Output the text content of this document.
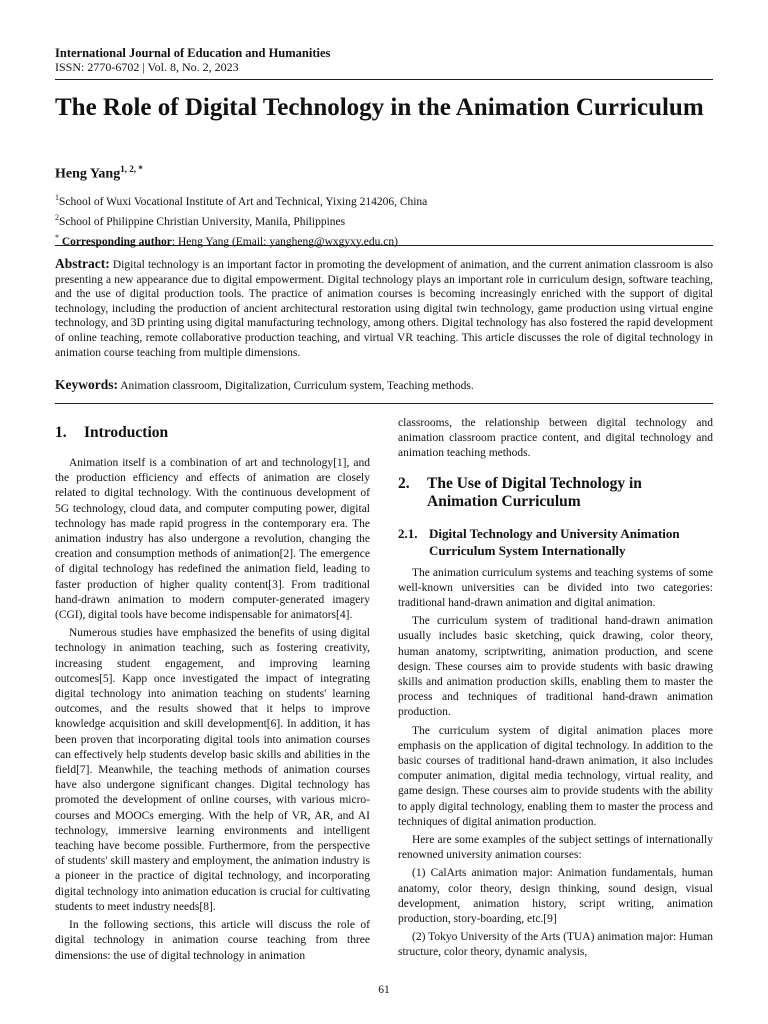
International Journal of Education and Humanities
ISSN: 2770-6702 | Vol. 8, No. 2, 2023
The Role of Digital Technology in the Animation Curriculum
Heng Yang$^{1, 2, *}$
$^1$School of Wuxi Vocational Institute of Art and Technical, Yixing 214206, China
$^2$School of Philippine Christian University, Manila, Philippines
* Corresponding author: Heng Yang (Email: yangheng@wxgyxy.edu.cn)

Abstract: Digital technology is an important factor in promoting the development of animation, and the current animation classroom is also presenting a new appearance due to digital empowerment. Digital technology plays an important role in curriculum design, software teaching, and the use of digital production tools. The practice of animation courses is becoming increasingly enriched with the support of digital technology, including the production of ancient architectural restoration using digital twin technology, game production using virtual engine technology, and 3D printing using digital manufacturing technology, among others. Digital technology has also fostered the rapid development of online teaching, remote collaborative production teaching, and virtual VR teaching. This article discusses the role of digital technology in animation course teaching from multiple dimensions.

Keywords: Animation classroom, Digitalization, Curriculum system, Teaching methods.

1.	Introduction

Animation itself is a combination of art and technology[1], and the production efficiency and effects of animation are closely related to digital technology. With the continuous development of 5G technology, cloud data, and computer computing power, digital technology has made rapid progress in the contemporary era. The animation industry has also undergone a revolution, changing the creation and consumption methods of animation[2]. The emergence of digital technology has redefined the animation field, leading to faster production of higher quality content[3]. From traditional hand-drawn animation to modern computer-generated imagery (CGI), digital tools have become indispensable for animators[4].

Numerous studies have emphasized the benefits of using digital technology in animation teaching, such as fostering creativity, increasing student engagement, and improving learning outcomes[5]. Kapp once investigated the impact of integrating digital technology into animation teaching on students' learning outcomes, and the results showed that it helps to improve knowledge acquisition and skill development[6]. In addition, it has been proven that incorporating digital tools into animation courses can effectively help students develop basic skills and abilities in the field[7]. Meanwhile, the teaching methods of animation courses have also undergone significant changes. Digital technology has promoted the development of online courses, with various micro-courses and MOOCs emerging. With the help of VR, AR, and AI technology, immersive learning environments and intelligent teaching have become possible. Furthermore, from the perspective of students' skill mastery and employment, the animation industry is a pioneer in the practice of digital technology, and incorporating digital technology into animation education is crucial for cultivating students to meet industry needs[8].

In the following sections, this article will discuss the role of digital technology in animation course teaching from three dimensions: the use of digital technology in animation

classrooms, the relationship between digital technology and animation classroom practice content, and digital technology and animation teaching methods.

2.	The Use of Digital Technology in Animation Curriculum
2.1. Digital Technology and University Animation Curriculum System Internationally

The animation curriculum systems and teaching systems of some well-known universities can be divided into two categories: traditional hand-drawn animation and digital animation.

The curriculum system of traditional hand-drawn animation usually includes basic sketching, quick drawing, color theory, human anatomy, scriptwriting, animation production, and scene design. These courses aim to provide students with basic drawing skills and animation production skills, enabling them to master the process and techniques of traditional hand-drawn animation production.

The curriculum system of digital animation places more emphasis on the application of digital technology. In addition to the basic courses of traditional hand-drawn animation, it also includes computer animation, digital media technology, virtual reality, and game design. These courses aim to provide students with the ability to apply digital technology, enabling them to master the process and techniques of digital animation production.

Here are some examples of the subject settings of internationally renowned university animation courses:

(1) CalArts animation major: Animation fundamentals, human anatomy, color theory, design thinking, sound design, visual development, animation history, script writing, animation production, story-boarding, etc.[9]

(2) Tokyo University of the Arts (TUA) animation major: Human structure, color theory, dynamic analysis,

61
